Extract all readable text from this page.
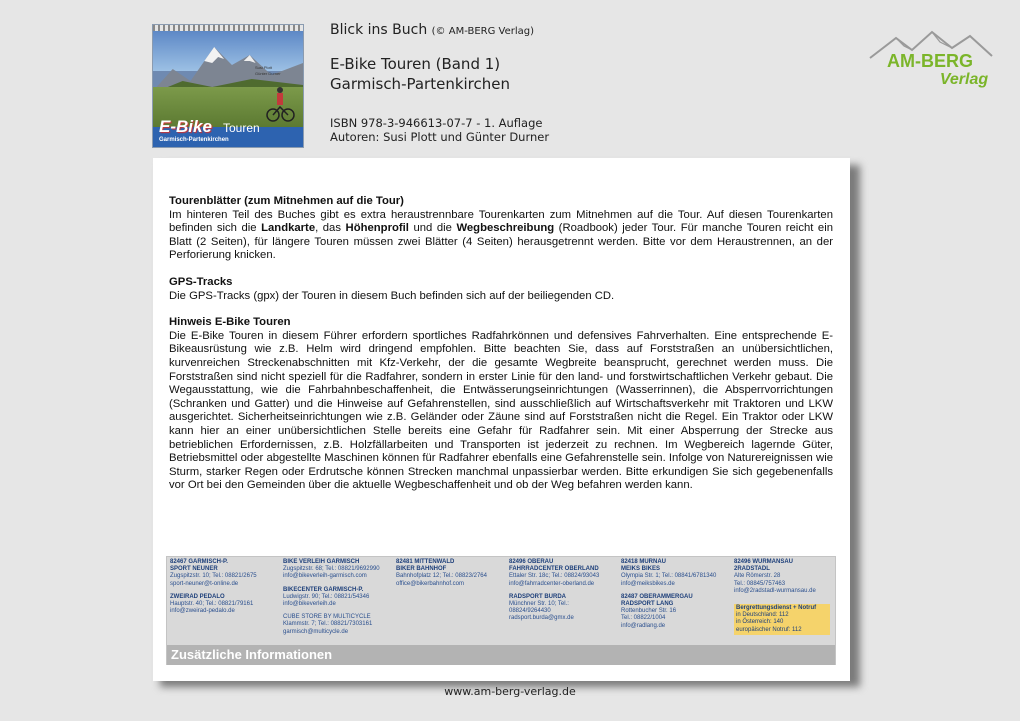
E-Bike Touren
Garmisch-Partenkirchen
Susi Plott
Günter Durner
Blick ins Buch (© AM-BERG Verlag)
E-Bike Touren (Band 1)
Garmisch-Partenkirchen
ISBN 978-3-946613-07-7 - 1. Auflage
Autoren: Susi Plott und Günter Durner
AM-BERG
Verlag
Tourenblätter (zum Mitnehmen auf die Tour)

Im hinteren Teil des Buches gibt es extra heraustrennbare Tourenkarten zum Mitnehmen auf die Tour. Auf diesen Tourenkarten befinden sich die Landkarte, das Höhenprofil und die Wegbeschreibung (Roadbook) jeder Tour. Für manche Touren reicht ein Blatt (2 Seiten), für längere Touren müssen zwei Blätter (4 Seiten) herausgetrennt werden. Bitte vor dem Heraustrennen, an der Perforierung knicken.

GPS-Tracks

Die GPS-Tracks (gpx) der Touren in diesem Buch befinden sich auf der beiliegenden CD.

Hinweis E-Bike Touren

Die E-Bike Touren in diesem Führer erfordern sportliches Radfahrkönnen und defensives Fahrverhalten. Eine entsprechende E-Bikeausrüstung wie z.B. Helm wird dringend empfohlen. Bitte beachten Sie, dass auf Forststraßen an unübersichtlichen, kurvenreichen Streckenabschnitten mit Kfz-Verkehr, der die gesamte Wegbreite beansprucht, gerechnet werden muss. Die Forststraßen sind nicht speziell für die Radfahrer, sondern in erster Linie für den land- und forstwirtschaftlichen Verkehr gebaut. Die Wegausstattung, wie die Fahrbahnbeschaffenheit, die Entwässerungseinrichtungen (Wasserrinnen), die Absperrvorrichtungen (Schranken und Gatter) und die Hinweise auf Gefahrenstellen, sind ausschließlich auf Wirtschaftsverkehr mit Traktoren und LKW ausgerichtet. Sicherheitseinrichtungen wie z.B. Geländer oder Zäune sind auf Forststraßen nicht die Regel. Ein Traktor oder LKW kann hier an einer unübersichtlichen Stelle bereits eine Gefahr für Radfahrer sein. Mit einer Absperrung der Strecke aus betrieblichen Erfordernissen, z.B. Holzfällarbeiten und Transporten ist jederzeit zu rechnen. Im Wegbereich lagernde Güter, Betriebsmittel oder abgestellte Maschinen können für Radfahrer ebenfalls eine Gefahrenstelle sein. Infolge von Naturereignissen wie Sturm, starker Regen oder Erdrutsche können Strecken manchmal unpassierbar werden. Bitte erkundigen Sie sich gegebenenfalls vor Ort bei den Gemeinden über die aktuelle Wegbeschaffenheit und ob der Weg befahren werden kann.

82467 GARMISCH-P.
SPORT NEUNER
Zugspitzstr. 10; Tel.: 08821/2675
sport-neuner@t-online.de
ZWEIRAD PEDALO
Hauptstr. 40; Tel.: 08821/79161
info@zweirad-pedalo.de
BIKE VERLEIH GARMISCH
Zugspitzstr. 68; Tel.: 08821/9692990
info@bikeverleih-garmisch.com
BIKECENTER GARMISCH-P.
Ludwigstr. 90; Tel.: 08821/54346
info@bikeverleih.de
CUBE STORE BY MULTICYCLE
Klammstr. 7; Tel.: 08821/7303161
garmisch@multicycle.de
82481 MITTENWALD
BIKER BAHNHOF
Bahnhofplatz 12; Tel.: 08823/2764
office@bikerbahnhof.com
82496 OBERAU
FAHRRADCENTER OBERLAND
Ettaler Str. 18c; Tel.: 08824/93043
info@fahrradcenter-oberland.de
RADSPORT BURDA
Münchner Str. 10; Tel.:
08824/9264430
radsport.burda@gmx.de
82418 MURNAU
MEIKS BIKES
Olympia Str. 1; Tel.: 08841/6781340
info@meiksbikes.de
82487 OBERAMMERGAU
RADSPORT LANG
Rottenbucher Str. 16
Tel.: 08822/1004
info@radlang.de
82496 WURMANSAU
2RADSTADL
Alte Römerstr. 28
Tel.: 08845/757463
info@2radstadl-wurmansau.de
Bergrettungsdienst + Notruf
in Deutschland: 112
in Österreich: 140
europäischer Notruf: 112
Zusätzliche Informationen
www.am-berg-verlag.de
